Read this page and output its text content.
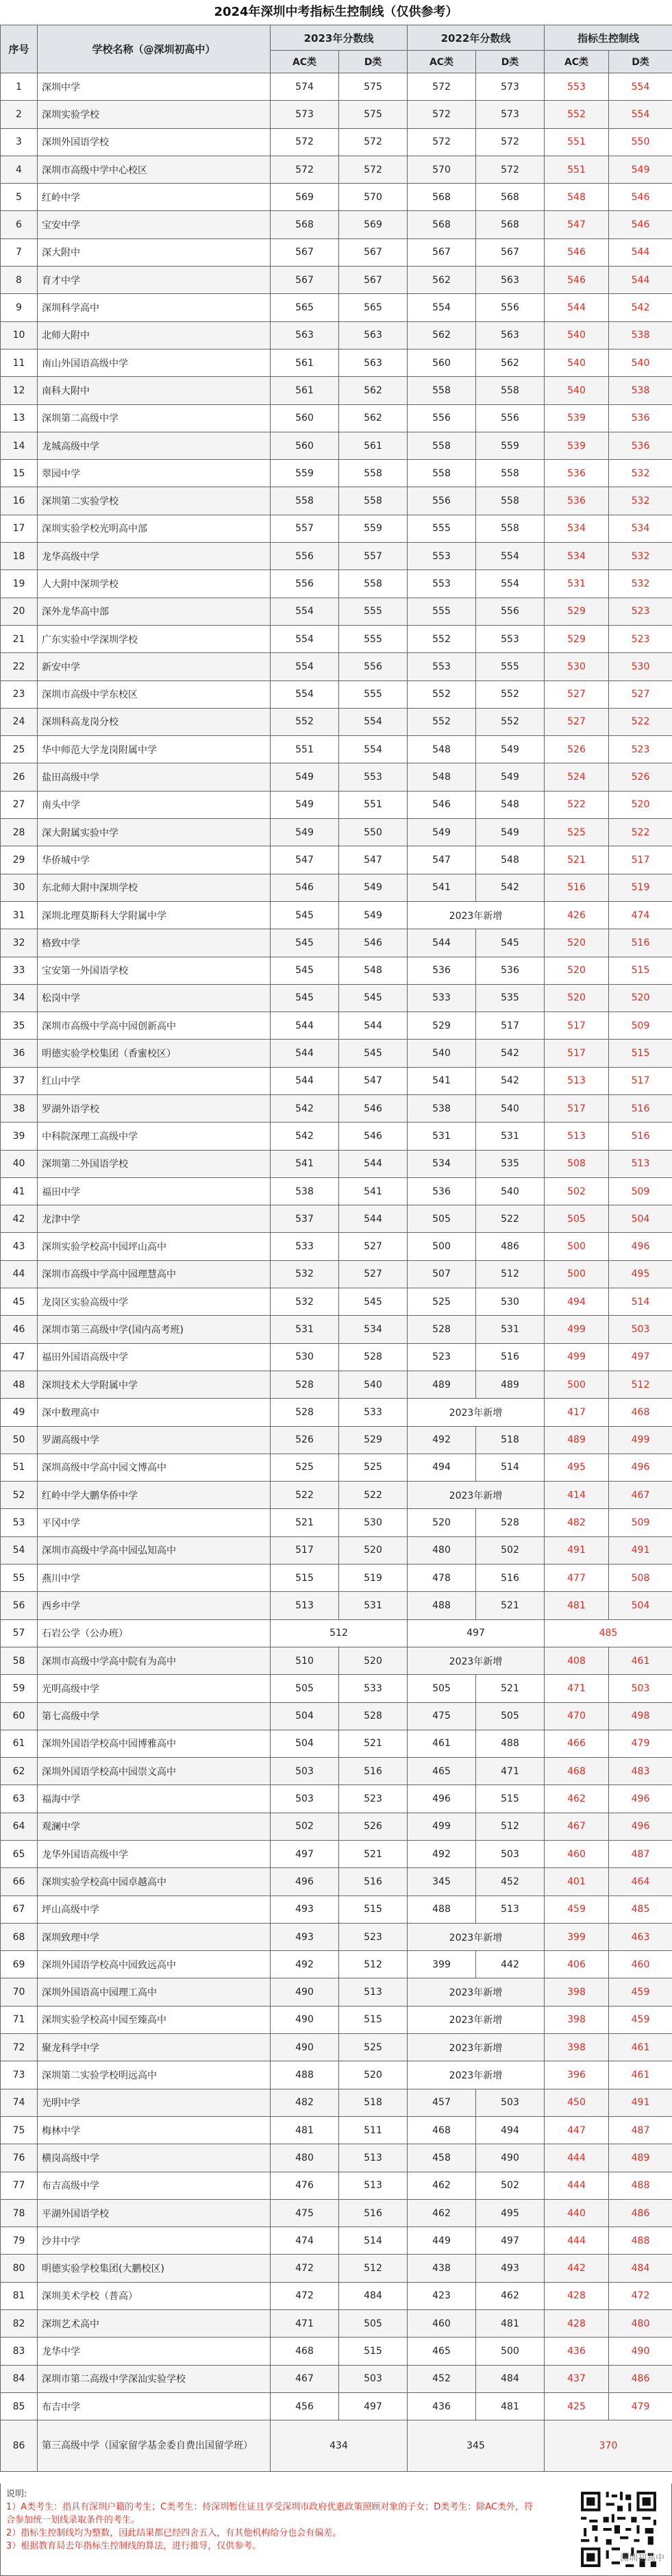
2024年深圳中考指标生控制线（仅供参考）
序号	学校名称（@深圳初高中）	2023年分数线		2022年分数线		指标生控制线	
		AC类	D类	AC类	D类	AC类	D类
1	深圳中学	574	575	572	573	553	554
2	深圳实验学校	573	575	572	573	552	554
3	深圳外国语学校	572	572	572	572	551	550
4	深圳市高级中学中心校区	572	572	570	572	551	549
5	红岭中学	569	570	568	568	548	546
6	宝安中学	568	569	568	568	547	546
7	深大附中	567	567	567	567	546	544
8	育才中学	567	567	562	563	546	544
9	深圳科学高中	565	565	554	556	544	542
10	北师大附中	563	563	562	563	540	538
11	南山外国语高级中学	561	563	560	562	540	540
12	南科大附中	561	562	558	558	540	538
13	深圳第二高级中学	560	562	556	556	539	536
14	龙城高级中学	560	561	558	559	539	536
15	翠园中学	559	558	558	558	536	532
16	深圳第二实验学校	558	558	556	558	536	532
17	深圳实验学校光明高中部	557	559	555	558	534	534
18	龙华高级中学	556	557	553	554	534	532
19	人大附中深圳学校	556	558	553	554	531	532
20	深外龙华高中部	554	555	555	556	529	523
21	广东实验中学深圳学校	554	555	552	553	529	523
22	新安中学	554	556	553	555	530	530
23	深圳市高级中学东校区	554	555	552	552	527	527
24	深圳科高龙岗分校	552	554	552	552	527	522
25	华中师范大学龙岗附属中学	551	554	548	549	526	523
26	盐田高级中学	549	553	548	549	524	526
27	南头中学	549	551	546	548	522	520
28	深大附属实验中学	549	550	549	549	525	522
29	华侨城中学	547	547	547	548	521	517
30	东北师大附中深圳学校	546	549	541	542	516	519
31	深圳北理莫斯科大学附属中学	545	549	2023年新增		426	474
32	格致中学	545	546	544	545	520	516
33	宝安第一外国语学校	545	548	536	536	520	515
34	松岗中学	545	545	533	535	520	520
35	深圳市高级中学高中园创新高中	544	544	529	517	517	509
36	明德实验学校集团（香蜜校区）	544	545	540	542	517	515
37	红山中学	544	547	541	542	513	517
38	罗湖外语学校	542	546	538	540	517	516
39	中科院深理工高级中学	542	546	531	531	513	516
40	深圳第二外国语学校	541	544	534	535	508	513
41	福田中学	538	541	536	540	502	509
42	龙津中学	537	544	505	522	505	504
43	深圳实验学校高中园坪山高中	533	527	500	486	500	496
44	深圳市高级中学高中园理慧高中	532	527	507	512	500	495
45	龙岗区实验高级中学	532	545	525	530	494	514
46	深圳市第三高级中学(国内高考班)	531	534	528	531	499	503
47	福田外国语高级中学	530	528	523	516	499	497
48	深圳技术大学附属中学	528	540	489	489	500	512
49	深中数理高中	528	533	2023年新增		417	468
50	罗湖高级中学	526	529	492	518	489	499
51	深圳高级中学高中园文博高中	525	525	494	514	495	496
52	红岭中学大鹏华侨中学	522	522	2023年新增		414	467
53	平冈中学	521	530	520	528	482	509
54	深圳市高级中学高中园弘知高中	517	520	480	502	491	491
55	燕川中学	515	519	478	516	477	508
56	西乡中学	513	531	488	521	481	504
57	石岩公学（公办班）	512		497		485	
58	深圳市高级中学高中院有为高中	510	520	2023年新增		408	461
59	光明高级中学	505	533	505	521	471	503
60	第七高级中学	504	528	475	505	470	498
61	深圳外国语学校高中园博雅高中	504	521	461	488	466	479
62	深圳外国语学校高中园崇文高中	503	516	465	471	468	483
63	福海中学	503	523	496	515	462	496
64	观澜中学	502	526	499	512	467	496
65	龙华外国语高级中学	497	521	492	503	460	487
66	深圳实验学校高中园卓越高中	496	516	345	452	401	464
67	坪山高级中学	493	515	488	513	459	485
68	深圳致理中学	493	523	2023年新增		399	463
69	深圳外国语学校高中园致远高中	492	512	399	442	406	460
70	深圳外国语高中园理工高中	490	513	2023年新增		398	459
71	深圳实验学校高中园至臻高中	490	515	2023年新增		398	459
72	聚龙科学中学	490	525	2023年新增		398	461
73	深圳第二实验学校明远高中	488	520	2023年新增		396	461
74	光明中学	482	518	457	503	450	491
75	梅林中学	481	511	468	494	447	487
76	横岗高级中学	480	513	458	490	444	489
77	布吉高级中学	476	513	462	502	444	488
78	平湖外国语学校	475	516	462	495	440	486
79	沙井中学	474	514	449	497	444	488
80	明德实验学校集团(大鹏校区)	472	512	438	493	442	484
81	深圳美术学校（普高）	472	484	423	462	428	472
82	深圳艺术高中	471	505	460	481	428	480
83	龙华中学	468	515	465	500	436	490
84	深圳市第二高级中学深汕实验学校	467	503	452	484	437	486
85	布吉中学	456	497	436	481	425	479
86	第三高级中学（国家留学基金委自费出国留学班）	434		345		370	
说明:
1）A类考生：指具有深圳户籍的考生；C类考生：持深圳暂住证且享受深圳市政府优惠政策照顾对象的子女；D类考生：除AC类外，符合参加统一划线录取条件的考生。
2）指标生控制线均为整数，因此结果都已经四舍五入，有其他机构给分也会有偏差。
3）根据教育局去年指标生控制线的算法，进行推导，仅供参考。
深圳初高中
